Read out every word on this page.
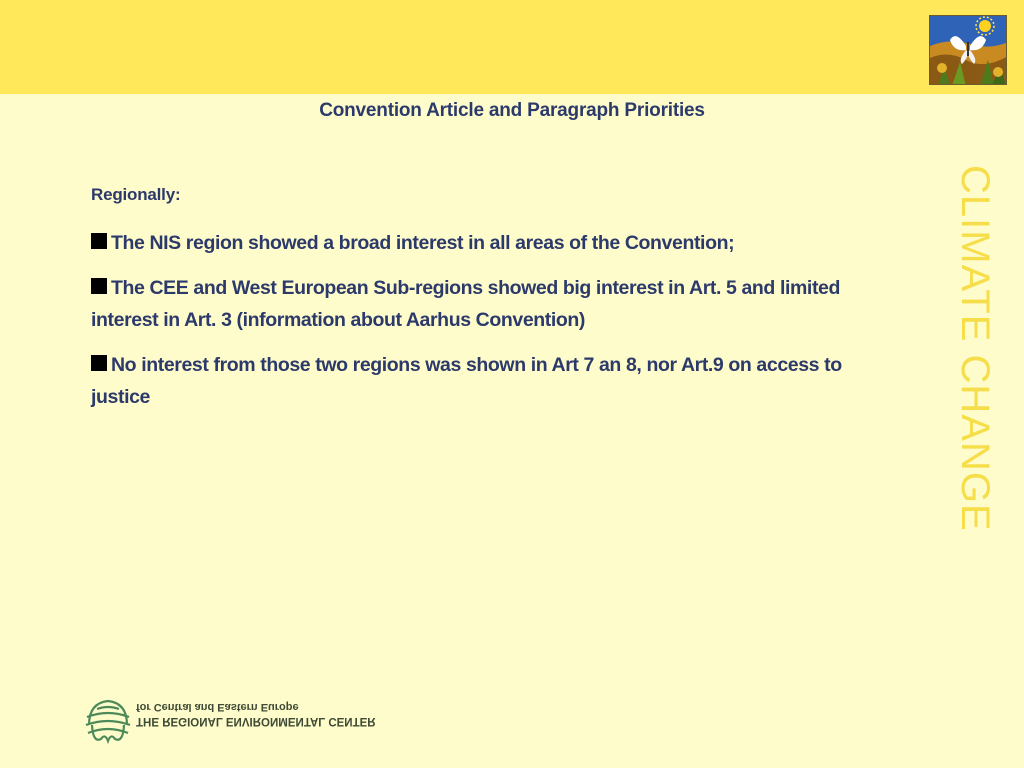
Convention Article and Paragraph Priorities
CLIMATE CHANGE
Regionally:
The NIS region showed a broad interest in all areas of the Convention;
The CEE and West European Sub-regions showed big interest in Art. 5 and limited interest in Art. 3 (information about Aarhus Convention)
No interest from those two regions was shown in Art 7 an 8, nor Art.9 on access to justice
THE REGIONAL ENVIRONMENTAL CENTER
for Central and Eastern Europe
